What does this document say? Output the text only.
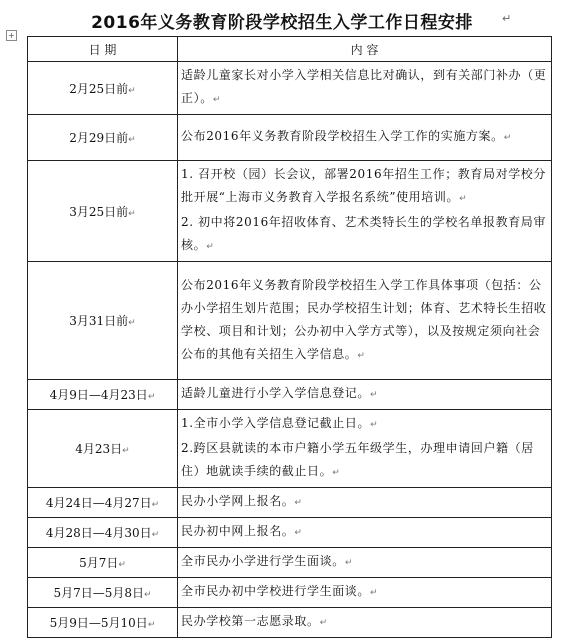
2016年义务教育阶段学校招生入学工作日程安排
+
↵
日 期	内 容
2月25日前↵	适龄儿童家长对小学入学相关信息比对确认，到有关部门补办（更正）。↵

2月29日前↵	公布2016年义务教育阶段学校招生入学工作的实施方案。↵

3月25日前↵	1. 召开校（园）长会议，部署2016年招生工作；教育局对学校分批开展“上海市义务教育入学报名系统”使用培训。↵
2. 初中将2016年招收体育、艺术类特长生的学校名单报教育局审核。↵

3月31日前↵	公布2016年义务教育阶段学校招生入学工作具体事项（包括：公办小学招生划片范围；民办学校招生计划；体育、艺术特长生招收学校、项目和计划；公办初中入学方式等），以及按规定须向社会公布的其他有关招生入学信息。↵

4月9日—4月23日↵	适龄儿童进行小学入学信息登记。↵

4月23日↵	1.全市小学入学信息登记截止日。↵
2.跨区县就读的本市户籍小学五年级学生，办理申请回户籍（居住）地就读手续的截止日。↵

4月24日—4月27日↵	民办小学网上报名。↵

4月28日—4月30日↵	民办初中网上报名。↵

5月7日↵	全市民办小学进行学生面谈。↵

5月7日—5月8日↵	全市民办初中学校进行学生面谈。↵

5月9日—5月10日↵	民办学校第一志愿录取。↵
